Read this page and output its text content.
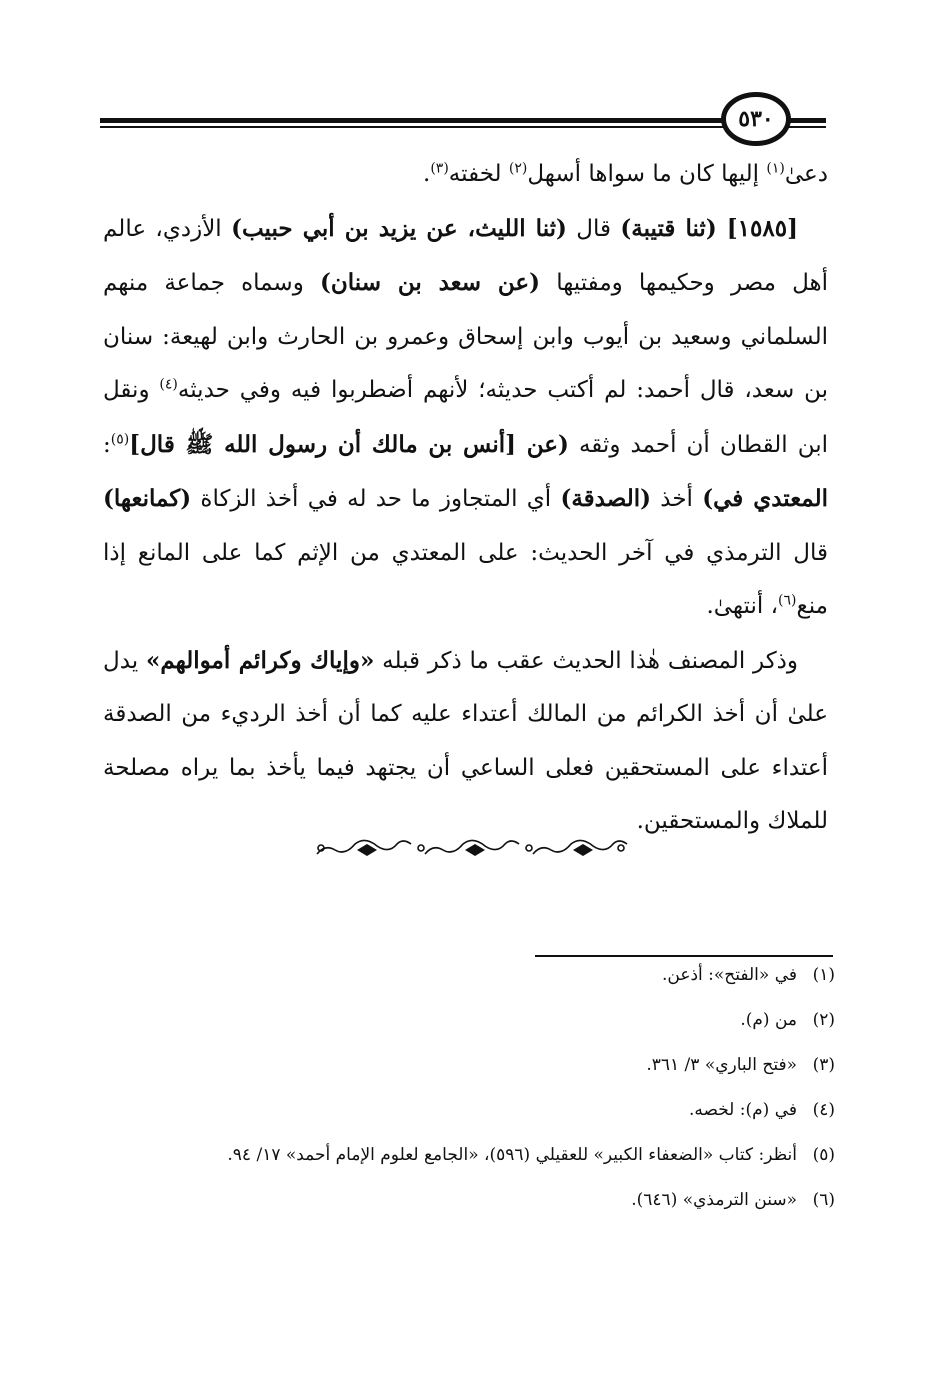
٥٣٠

دعىٰ$^{(١)}$ إليها كان ما سواها أسهل$^{(٢)}$ لخفته$^{(٣)}$.

[١٥٨٥] (ثنا قتيبة) قال (ثنا الليث، عن يزيد بن أبي حبيب) الأزدي، عالم أهل مصر وحكيمها ومفتيها (عن سعد بن سنان) وسماه جماعة منهم السلماني وسعيد بن أيوب وابن إسحاق وعمرو بن الحارث وابن لهيعة: سنان بن سعد، قال أحمد: لم أكتب حديثه؛ لأنهم أضطربوا فيه وفي حديثه$^{(٤)}$ ونقل ابن القطان أن أحمد وثقه (عن [أنس بن مالك أن رسول الله ﷺ قال]$^{(٥)}$: المعتدي في) أخذ (الصدقة) أي المتجاوز ما حد له في أخذ الزكاة (كمانعها) قال الترمذي في آخر الحديث: على المعتدي من الإثم كما على المانع إذا منع$^{(٦)}$، أنتهىٰ.

وذكر المصنف هٰذا الحديث عقب ما ذكر قبله «وإياك وكرائم أموالهم» يدل علىٰ أن أخذ الكرائم من المالك أعتداء عليه كما أن أخذ الرديء من الصدقة أعتداء على المستحقين فعلى الساعي أن يجتهد فيما يأخذ بما يراه مصلحة للملاك والمستحقين.

(١)
في «الفتح»: أذعن.
(٢)
من (م).
(٣)
«فتح الباري» ٣/ ٣٦١.
(٤)
في (م): لخصه.
(٥)
أنظر: كتاب «الضعفاء الكبير» للعقيلي (٥٩٦)، «الجامع لعلوم الإمام أحمد» ١٧/ ٩٤.
(٦)
«سنن الترمذي» (٦٤٦).
